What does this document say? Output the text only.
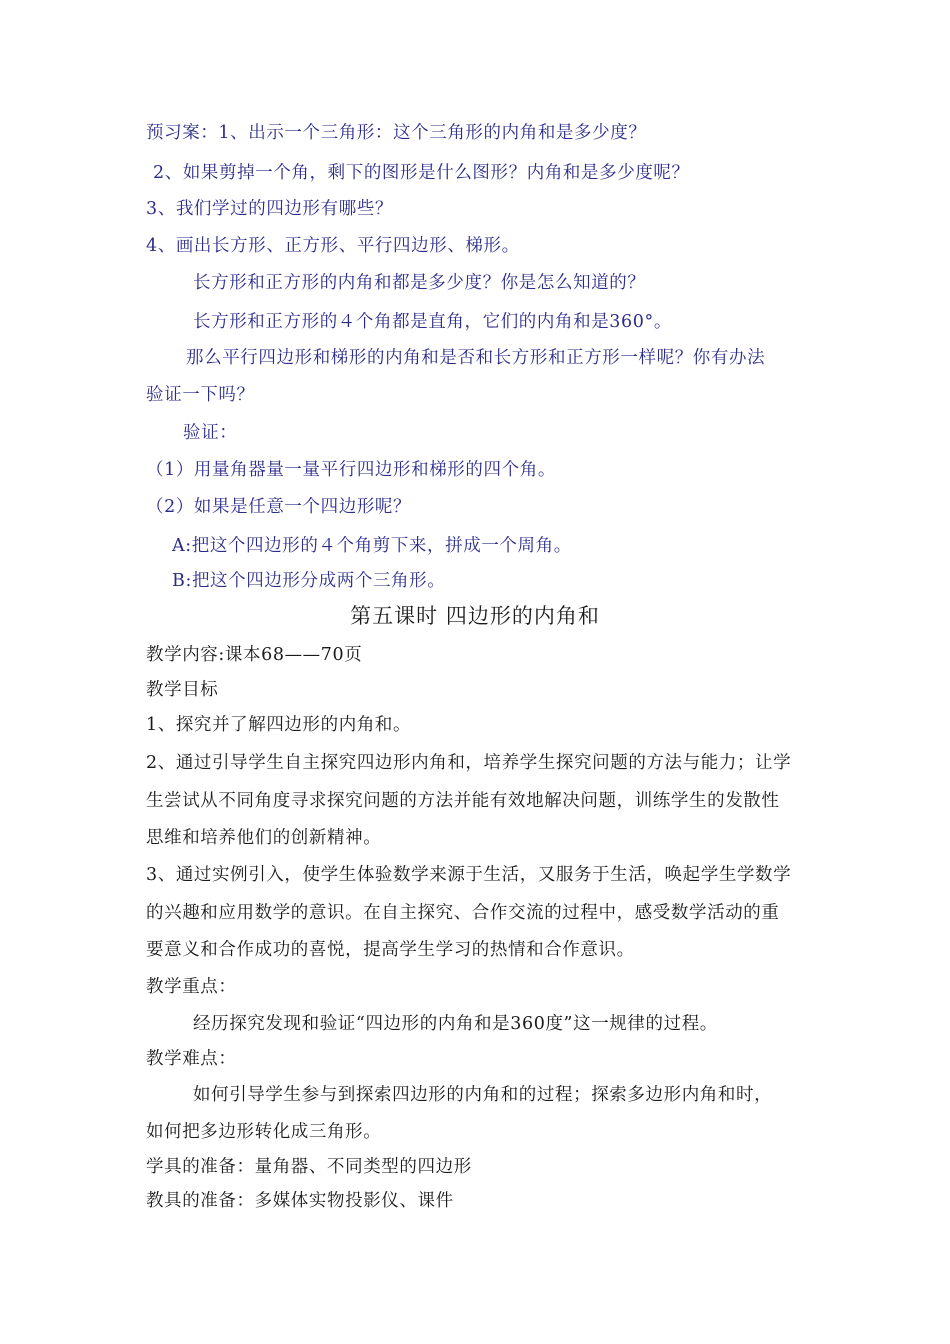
预习案：1、出示一个三角形：这个三角形的内角和是多少度？
2、如果剪掉一个角，剩下的图形是什么图形？内角和是多少度呢？
3、我们学过的四边形有哪些？
4、画出长方形、正方形、平行四边形、梯形。
长方形和正方形的内角和都是多少度？你是怎么知道的？
长方形和正方形的４个角都是直角，它们的内角和是360°。
那么平行四边形和梯形的内角和是否和长方形和正方形一样呢？你有办法
验证一下吗？
验证：
（1）用量角器量一量平行四边形和梯形的四个角。
（2）如果是任意一个四边形呢？
A:把这个四边形的４个角剪下来，拼成一个周角。
B:把这个四边形分成两个三角形。
第五课时 四边形的内角和
教学内容:课本68——70页
教学目标
1、探究并了解四边形的内角和。
2、通过引导学生自主探究四边形内角和，培养学生探究问题的方法与能力；让学
生尝试从不同角度寻求探究问题的方法并能有效地解决问题，训练学生的发散性
思维和培养他们的创新精神。
3、通过实例引入，使学生体验数学来源于生活，又服务于生活，唤起学生学数学
的兴趣和应用数学的意识。在自主探究、合作交流的过程中，感受数学活动的重
要意义和合作成功的喜悦，提高学生学习的热情和合作意识。
教学重点：
经历探究发现和验证“四边形的内角和是360度”这一规律的过程。
教学难点：
如何引导学生参与到探索四边形的内角和的过程；探索多边形内角和时，
如何把多边形转化成三角形。
学具的准备：量角器、不同类型的四边形
教具的准备：多媒体实物投影仪、课件
